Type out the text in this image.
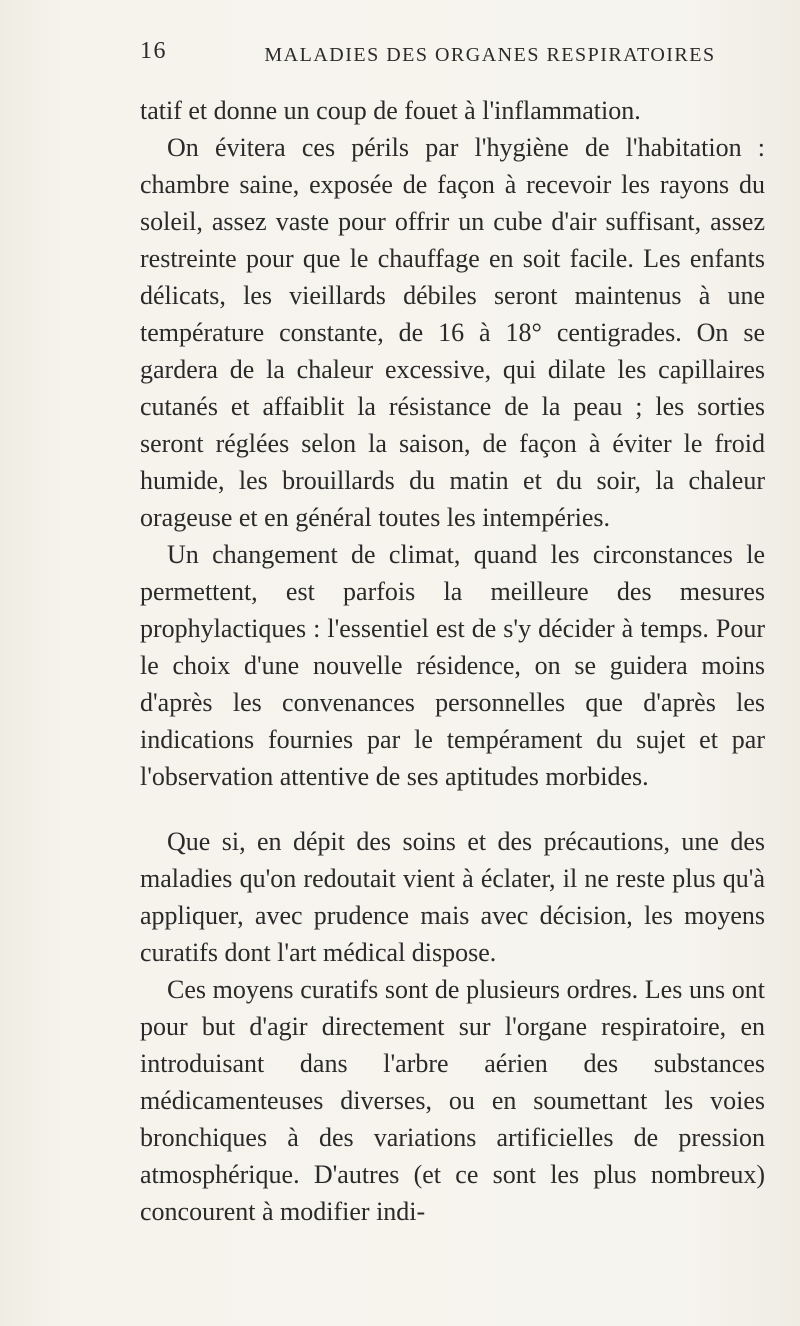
16	MALADIES DES ORGANES RESPIRATOIRES

tatif et donne un coup de fouet à l'inflammation.

On évitera ces périls par l'hygiène de l'habitation : chambre saine, exposée de façon à recevoir les rayons du soleil, assez vaste pour offrir un cube d'air suffisant, assez restreinte pour que le chauffage en soit facile. Les enfants délicats, les vieillards débiles seront maintenus à une température constante, de 16 à 18° centigrades. On se gardera de la chaleur excessive, qui dilate les capillaires cutanés et affaiblit la résistance de la peau ; les sorties seront réglées selon la saison, de façon à éviter le froid humide, les brouillards du matin et du soir, la chaleur orageuse et en général toutes les intempéries.

Un changement de climat, quand les circonstances le permettent, est parfois la meilleure des mesures prophylactiques : l'essentiel est de s'y décider à temps. Pour le choix d'une nouvelle résidence, on se guidera moins d'après les convenances personnelles que d'après les indications fournies par le tempérament du sujet et par l'observation attentive de ses aptitudes morbides.

Que si, en dépit des soins et des précautions, une des maladies qu'on redoutait vient à éclater, il ne reste plus qu'à appliquer, avec prudence mais avec décision, les moyens curatifs dont l'art médical dispose.

Ces moyens curatifs sont de plusieurs ordres. Les uns ont pour but d'agir directement sur l'organe respiratoire, en introduisant dans l'arbre aérien des substances médicamenteuses diverses, ou en soumettant les voies bronchiques à des variations artificielles de pression atmosphérique. D'autres (et ce sont les plus nombreux) concourent à modifier indi-
